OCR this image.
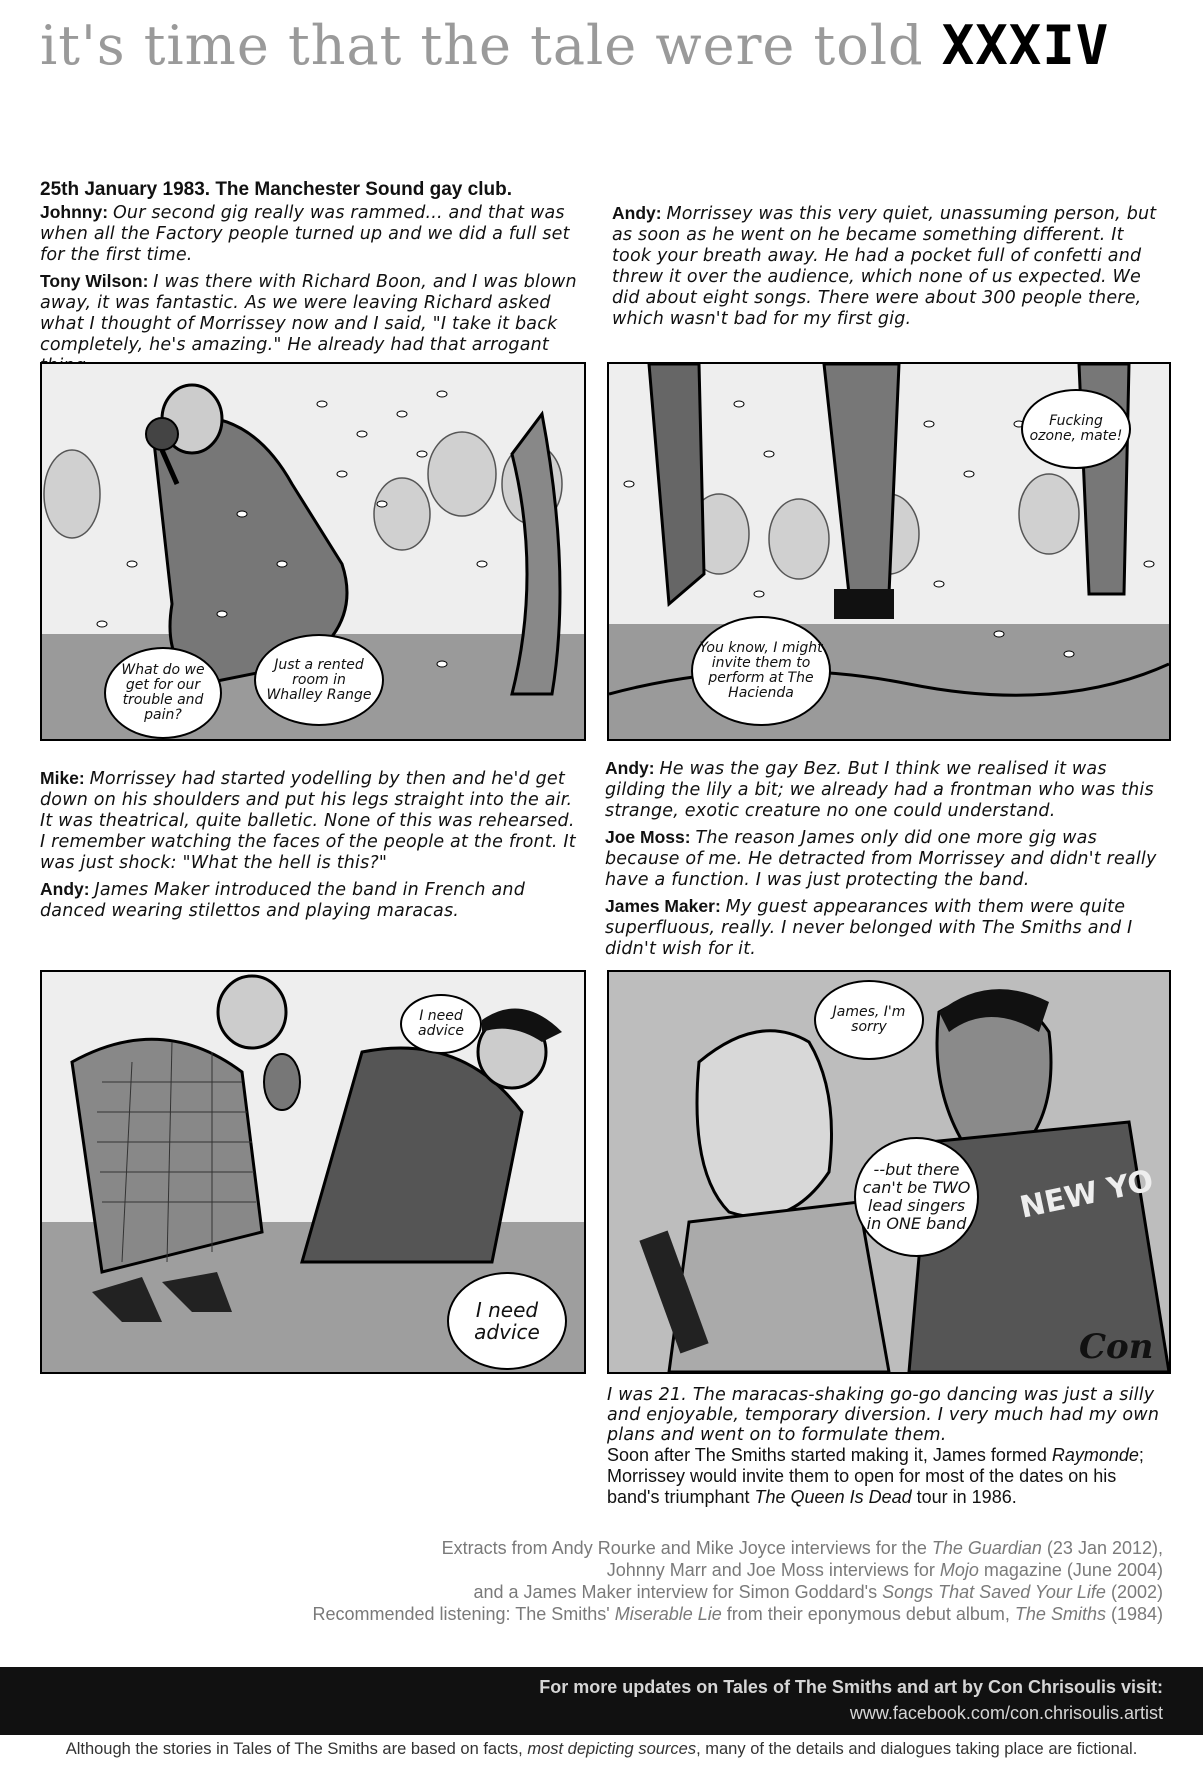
it's time that the tale were told XXXIV
25th January 1983. The Manchester Sound gay club.
Johnny: Our second gig really was rammed... and that was when all the Factory people turned up and we did a full set for the first time.
Tony Wilson: I was there with Richard Boon, and I was blown away, it was fantastic. As we were leaving Richard asked what I thought of Morrissey now and I said, "I take it back completely, he's amazing." He already had that arrogant
Andy: Morrissey was this very quiet, unassuming person, but as soon as he went on he became something different. It took your breath away. He had a pocket full of confetti and threw it over the audience, which none of us expected. We did about eight songs. There were about 300 people there, which wasn't bad for my first gig.
What do we get for our trouble and pain?
Just a rented room in Whalley Range
Fucking ozone, mate!
You know, I might invite them to perform at The Hacienda
Mike: Morrissey had started yodelling by then and he'd get down on his shoulders and put his legs straight into the air. It was theatrical, quite balletic. None of this was rehearsed. I remember watching the faces of the people at the front. It was just shock: "What the hell is this?"
Andy: James Maker introduced the band in French and danced wearing stilettos and playing maracas.
Andy: He was the gay Bez. But I think we realised it was gilding the lily a bit; we already had a frontman who was this strange, exotic creature no one could understand.
Joe Moss: The reason James only did one more gig was because of me. He detracted from Morrissey and didn't really have a function. I was just protecting the band.
James Maker: My guest appearances with them were quite superfluous, really. I never belonged with The Smiths and I didn't wish for it.
I need advice
I need advice
James, I'm sorry
--but there can't be TWO lead singers in ONE band	NEW YO
Con
I was 21. The maracas-shaking go-go dancing was just a silly and enjoyable, temporary diversion. I very much had my own plans and went on to formulate them.
Soon after The Smiths started making it, James formed Raymonde; Morrissey would invite them to open for most of the dates on his band's triumphant The Queen Is Dead tour in 1986.
Extracts from Andy Rourke and Mike Joyce interviews for the The Guardian (23 Jan 2012),
Johnny Marr and Joe Moss interviews for Mojo magazine (June 2004)
and a James Maker interview for Simon Goddard's Songs That Saved Your Life (2002)
Recommended listening: The Smiths' Miserable Lie from their eponymous debut album, The Smiths (1984)
For more updates on Tales of The Smiths and art by Con Chrisoulis visit:
www.facebook.com/con.chrisoulis.artist
Although the stories in Tales of The Smiths are based on facts, most depicting sources, many of the details and dialogues taking place are fictional.
